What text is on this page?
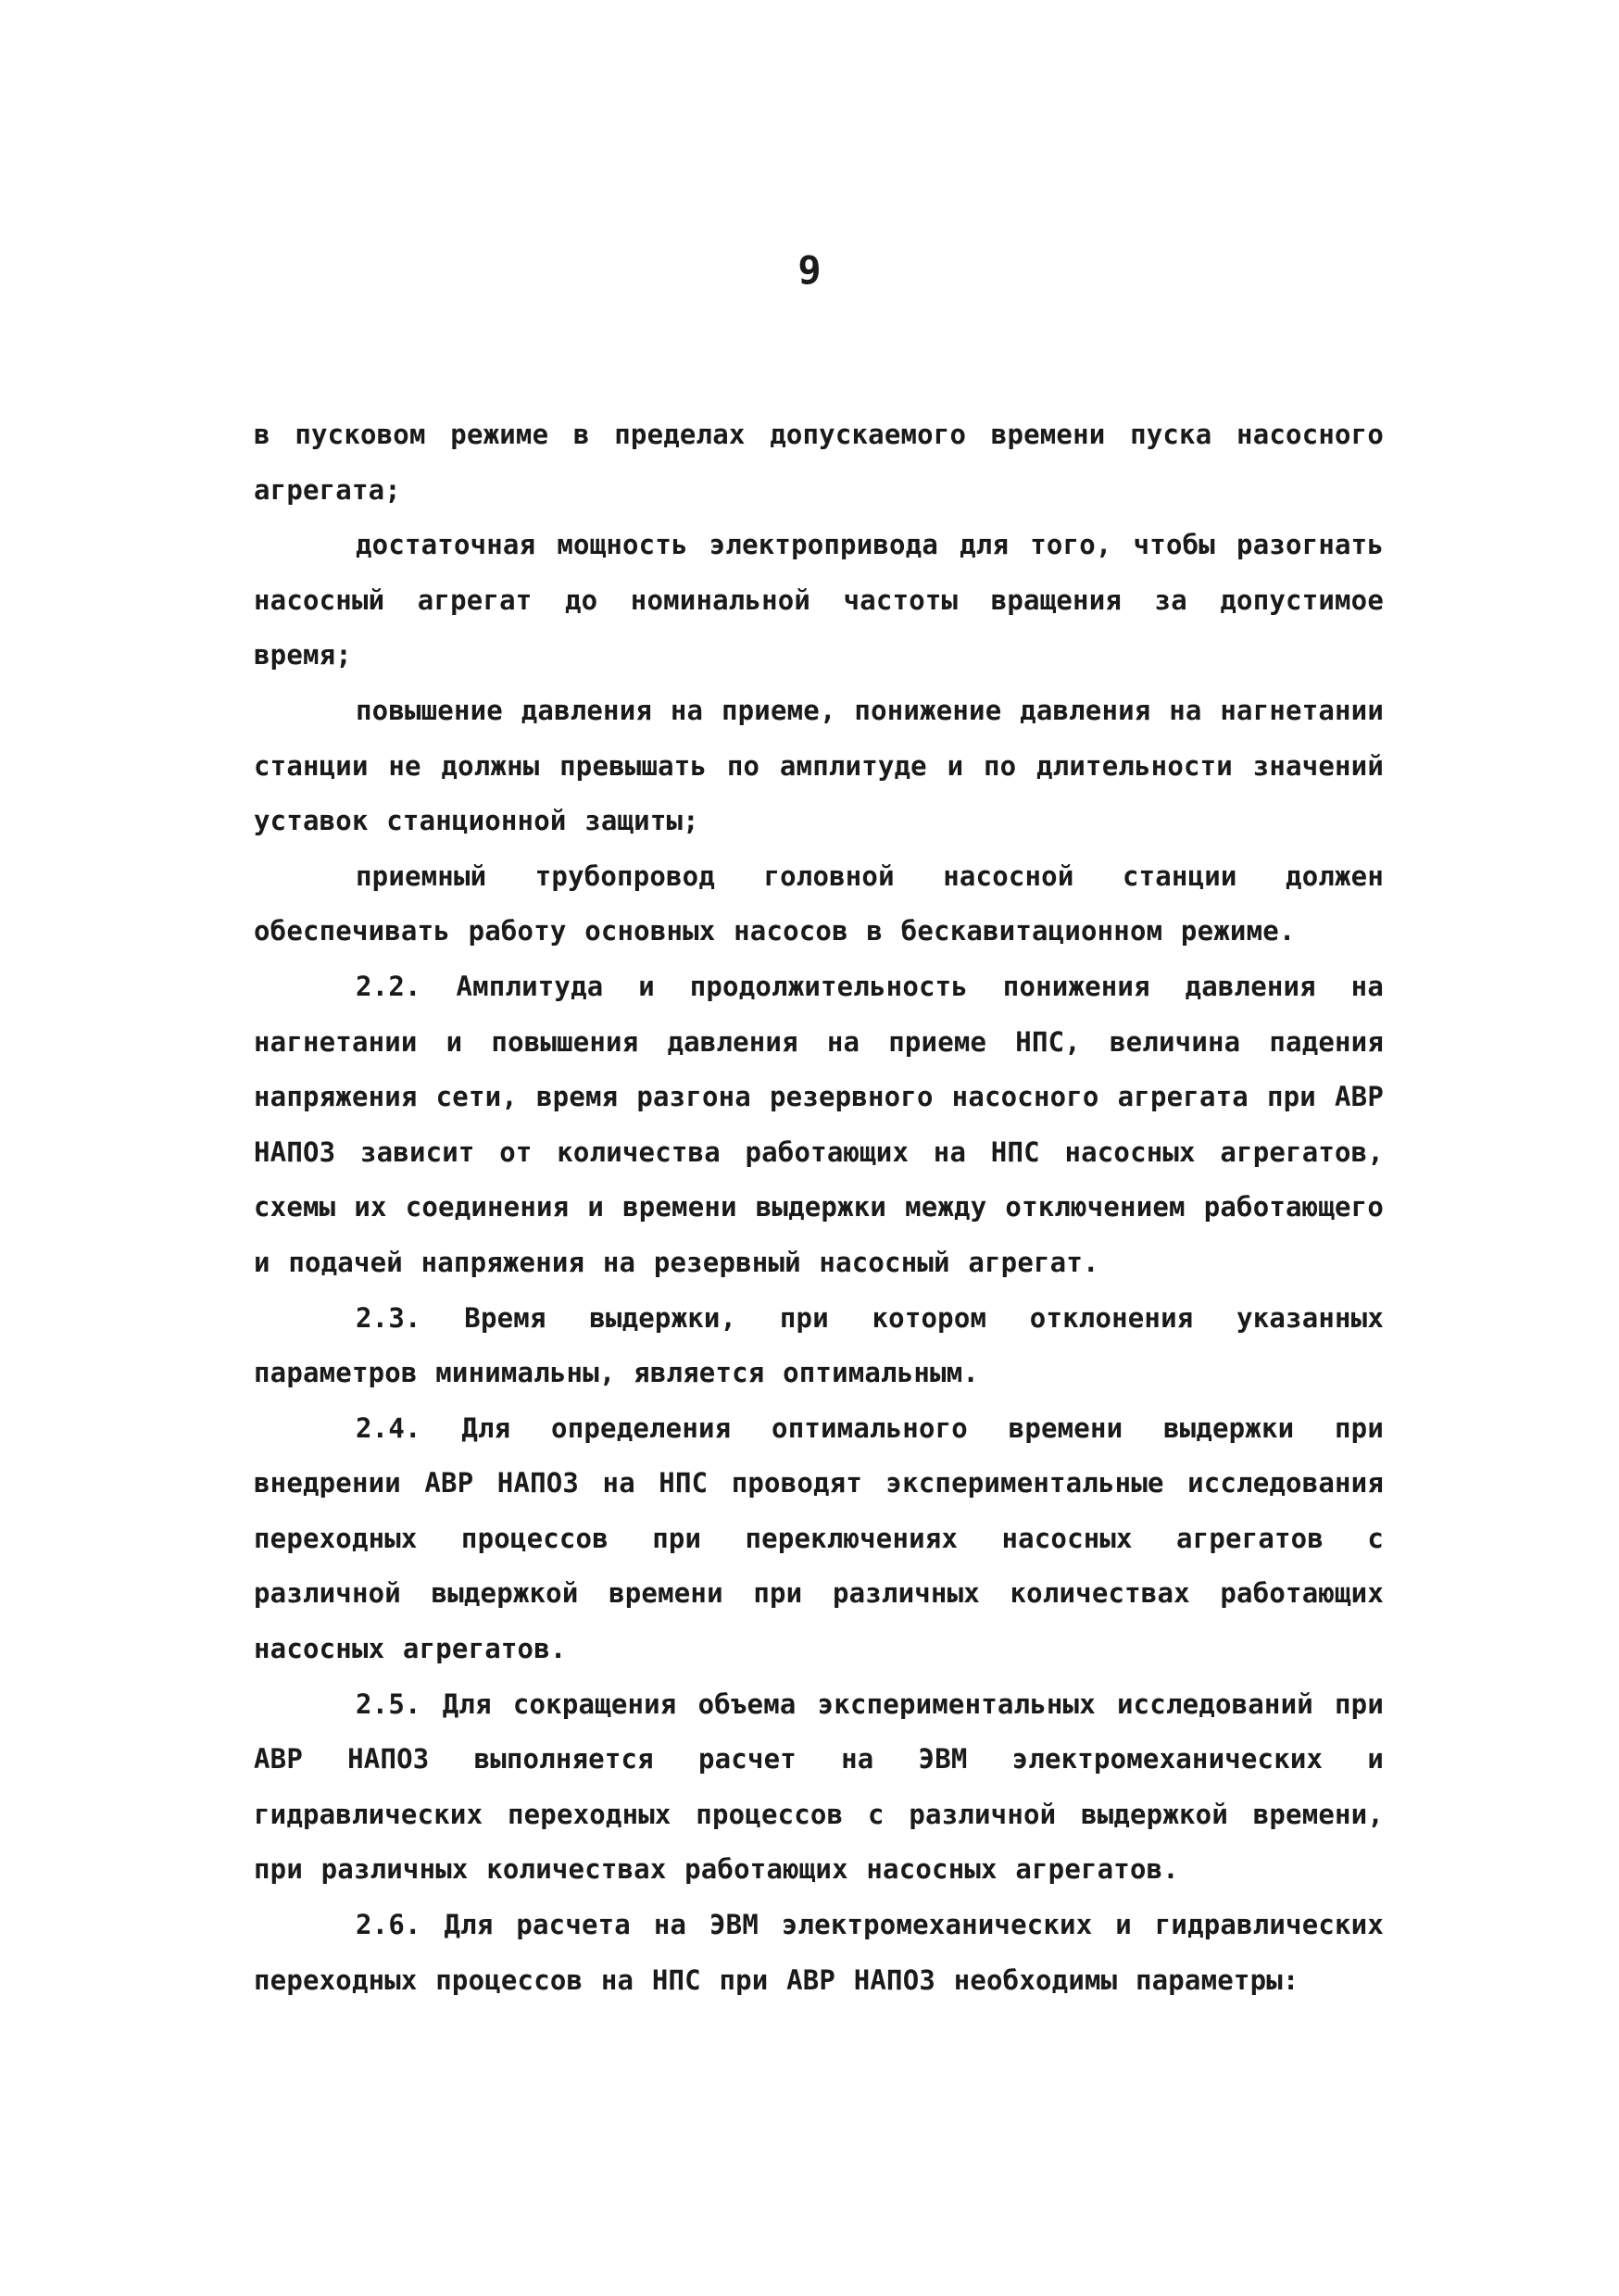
9

в пусковом режиме в пределах допускаемого времени пуска насосного агрегата;

достаточная мощность электропривода для того, чтобы разогнать насосный агрегат до номинальной частоты вращения за допустимое время;

повышение давления на приеме, понижение давления на нагнетании станции не должны превышать по амплитуде и по длительности значений уставок станционной защиты;

приемный трубопровод головной насосной станции должен обеспечивать работу основных насосов в бескавитационном режиме.

2.2. Амплитуда и продолжительность понижения давления на нагнетании и повышения давления на приеме НПС, величина падения напряжения сети, время разгона резервного насосного агрегата при АВР НАПОЗ зависит от количества работающих на НПС насосных агрегатов, схемы их соединения и времени выдержки между отключением работающего и подачей напряжения на резервный насосный агрегат.

2.3. Время выдержки, при котором отклонения указанных параметров минимальны, является оптимальным.

2.4. Для определения оптимального времени выдержки при внедрении АВР НАПОЗ на НПС проводят экспериментальные исследования переходных процессов при переключениях насосных агрегатов с различной выдержкой времени при различных количествах работающих насосных агрегатов.

2.5. Для сокращения объема экспериментальных исследований при АВР НАПОЗ выполняется расчет на ЭВМ электромеханических и гидравлических переходных процессов с различной выдержкой времени, при различных количествах работающих насосных агрегатов.

2.6. Для расчета на ЭВМ электромеханических и гидравлических переходных процессов на НПС при АВР НАПОЗ необходимы параметры:
